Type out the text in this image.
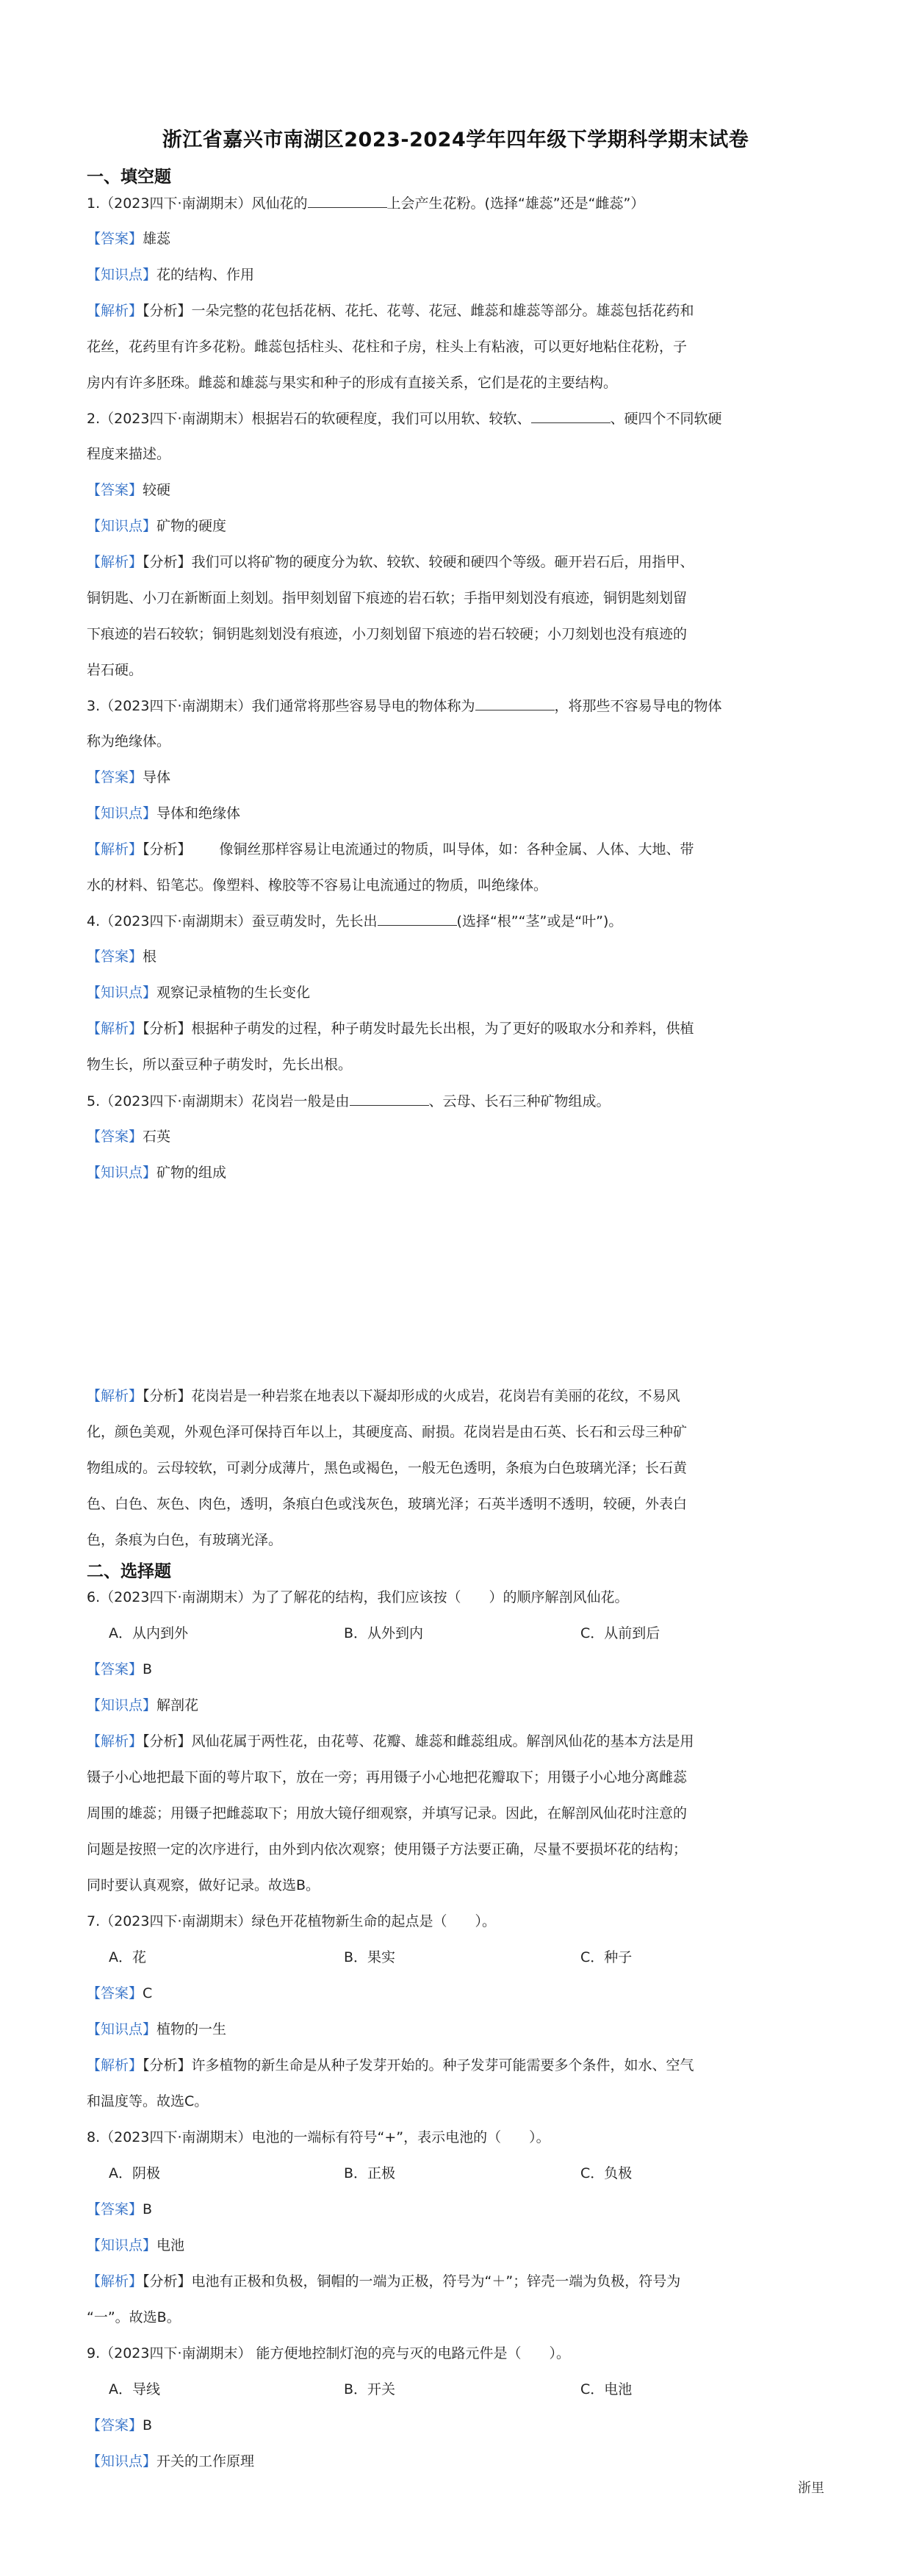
浙江省嘉兴市南湖区2023-2024学年四年级下学期科学期末试卷
一、填空题
1.（2023四下·南湖期末）风仙花的	上会产生花粉。(选择“雄蕊”还是“雌蕊”）
【答案】雄蕊
【知识点】花的结构、作用
【解析】【分析】一朵完整的花包括花柄、花托、花萼、花冠、雌蕊和雄蕊等部分。雄蕊包括花药和
花丝，花药里有许多花粉。雌蕊包括柱头、花柱和子房，柱头上有粘液，可以更好地粘住花粉，子
房内有许多胚珠。雌蕊和雄蕊与果实和种子的形成有直接关系，它们是花的主要结构。
2.（2023四下·南湖期末）根据岩石的软硬程度，我们可以用软、较软、	、硬四个不同软硬
程度来描述。
【答案】较硬
【知识点】矿物的硬度
【解析】【分析】我们可以将矿物的硬度分为软、较软、较硬和硬四个等级。砸开岩石后，用指甲、
铜钥匙、小刀在新断面上刻划。指甲刻划留下痕迹的岩石软；手指甲刻划没有痕迹，铜钥匙刻划留
下痕迹的岩石较软；铜钥匙刻划没有痕迹，小刀刻划留下痕迹的岩石较硬；小刀刻划也没有痕迹的
岩石硬。
3.（2023四下·南湖期末）我们通常将那些容易导电的物体称为	，将那些不容易导电的物体
称为绝缘体。
【答案】导体
【知识点】导体和绝缘体
【解析】【分析】 像铜丝那样容易让电流通过的物质，叫导体，如：各种金属、人体、大地、带
水的材料、铅笔芯。像塑料、橡胶等不容易让电流通过的物质，叫绝缘体。
4.（2023四下·南湖期末）蚕豆萌发时，先长出	(选择“根”“茎”或是“叶”)。
【答案】根
【知识点】观察记录植物的生长变化
【解析】【分析】根据种子萌发的过程，种子萌发时最先长出根，为了更好的吸取水分和养料，供植
物生长，所以蚕豆种子萌发时，先长出根。
5.（2023四下·南湖期末）花岗岩一般是由	、云母、长石三种矿物组成。
【答案】石英
【知识点】矿物的组成
【解析】【分析】花岗岩是一种岩浆在地表以下凝却形成的火成岩，花岗岩有美丽的花纹，不易风
化，颜色美观，外观色泽可保持百年以上，其硬度高、耐损。花岗岩是由石英、长石和云母三种矿
物组成的。云母较软，可剥分成薄片，黑色或褐色，一般无色透明，条痕为白色玻璃光泽；长石黄
色、白色、灰色、肉色，透明，条痕白色或浅灰色，玻璃光泽；石英半透明不透明，较硬，外表白
色，条痕为白色，有玻璃光泽。
二、选择题
6.（2023四下·南湖期末）为了了解花的结构，我们应该按（　　）的顺序解剖风仙花。
A．从内到外	B．从外到内	C．从前到后
【答案】B
【知识点】解剖花
【解析】【分析】风仙花属于两性花，由花萼、花瓣、雄蕊和雌蕊组成。解剖风仙花的基本方法是用
镊子小心地把最下面的萼片取下，放在一旁；再用镊子小心地把花瓣取下；用镊子小心地分离雌蕊
周围的雄蕊；用镊子把雌蕊取下；用放大镜仔细观察，并填写记录。因此，在解剖风仙花时注意的
问题是按照一定的次序进行，由外到内依次观察；使用镊子方法要正确，尽量不要损坏花的结构；
同时要认真观察，做好记录。故选B。
7.（2023四下·南湖期末）绿色开花植物新生命的起点是（　　）。
A．花	B．果实	C．种子
【答案】C
【知识点】植物的一生
【解析】【分析】许多植物的新生命是从种子发芽开始的。种子发芽可能需要多个条件，如水、空气
和温度等。故选C。
8.（2023四下·南湖期末）电池的一端标有符号“+”，表示电池的（　　）。
A．阴极	B．正极	C．负极
【答案】B
【知识点】电池
【解析】【分析】电池有正极和负极，铜帽的一端为正极，符号为“＋”；锌壳一端为负极，符号为
“一”。故选B。
9.（2023四下·南湖期末） 能方便地控制灯泡的亮与灭的电路元件是（　　）。
A．导线	B．开关	C．电池
【答案】B
【知识点】开关的工作原理
浙里
